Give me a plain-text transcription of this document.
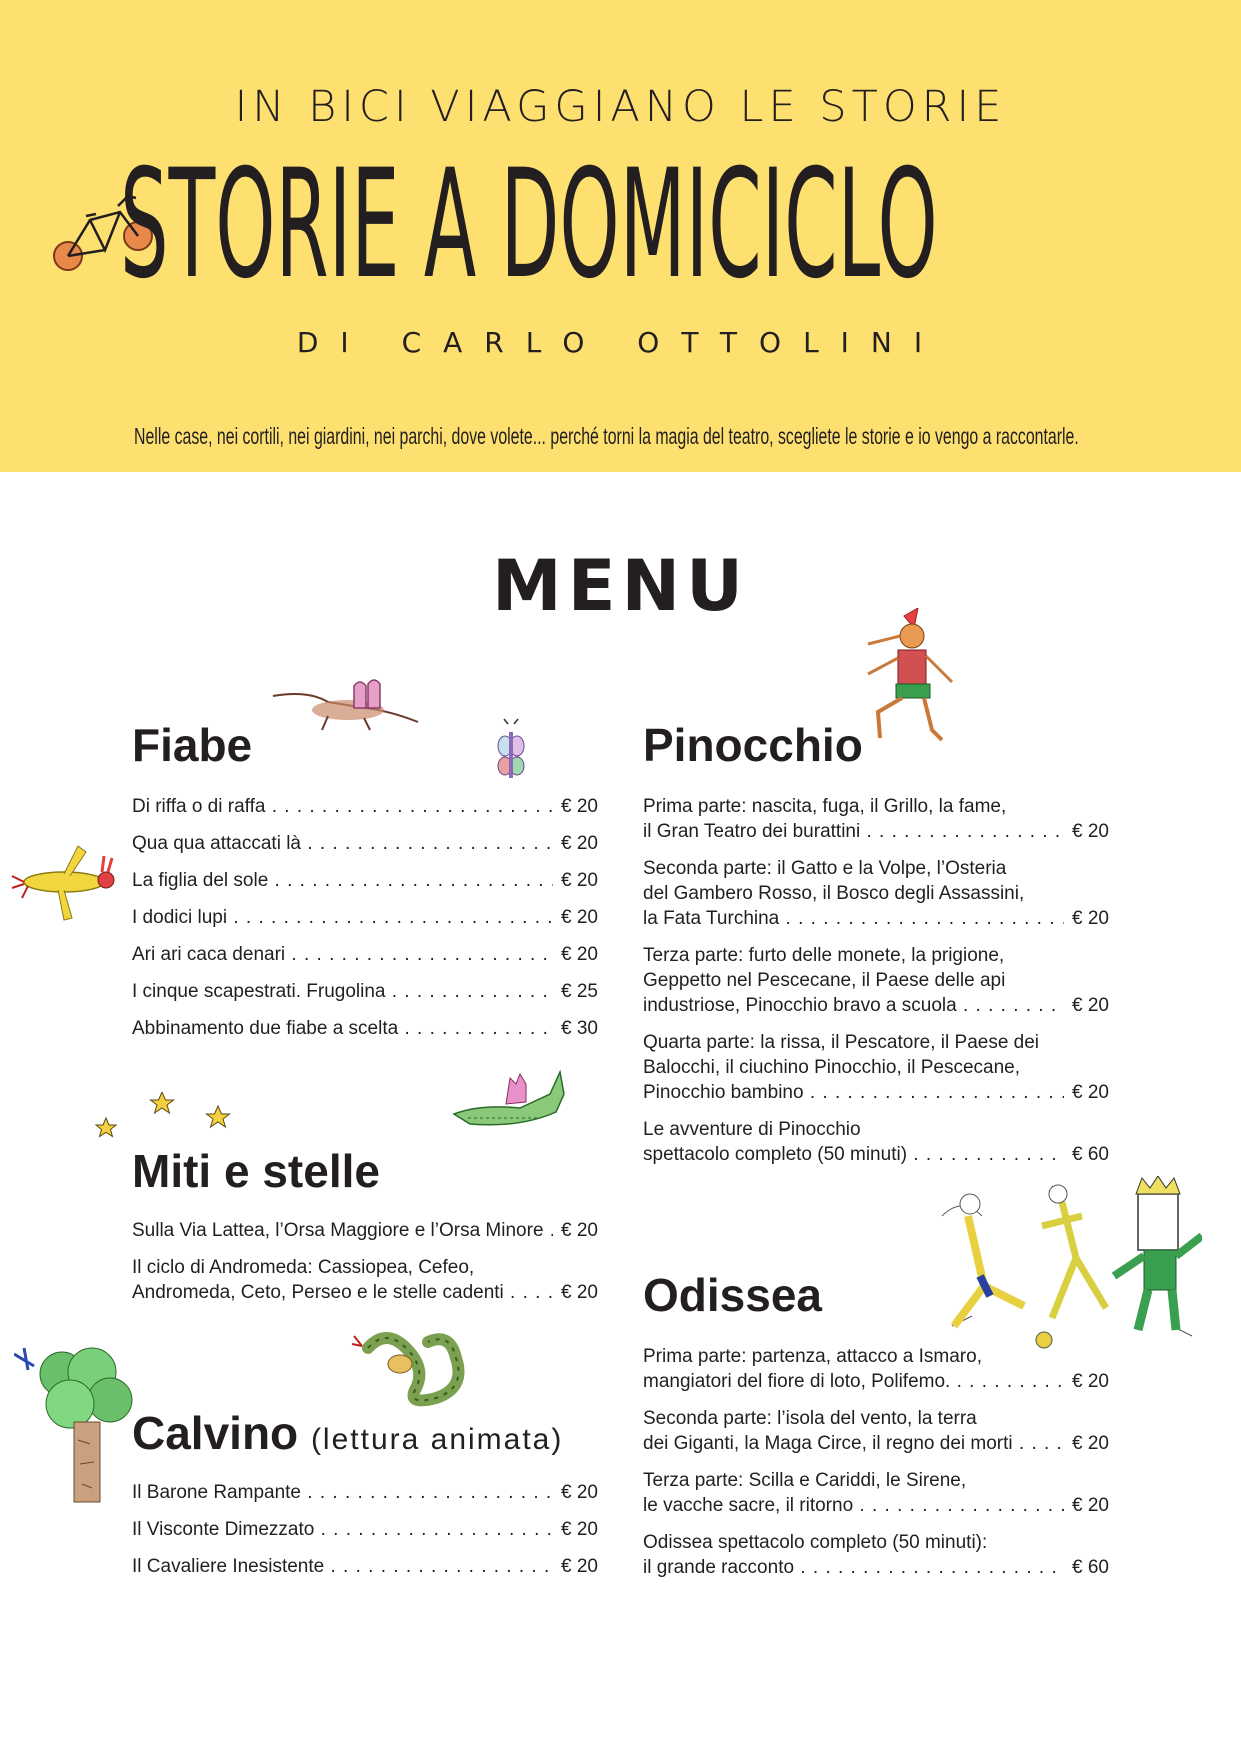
IN BICI VIAGGIANO LE STORIE
STORIE A DOMICICLO
DI CARLO OTTOLINI
Nelle case, nei cortili, nei giardini, nei parchi, dove volete... perché torni la magia del teatro, scegliete le storie e io vengo a raccontarle.
MENU
Fiabe
Di riffa o di raffa . . .	€ 20
Qua qua attaccati là . . .	€ 20
La figlia del sole . . .	€ 20
I dodici lupi . . .	€ 20
Ari ari caca denari . . .	€ 20
I cinque scapestrati. Frugolina . . .	€ 25
Abbinamento due fiabe a scelta . . .	€ 30
Miti e stelle
Sulla Via Lattea, l’Orsa Maggiore e l’Orsa Minore . . . € 20
Il ciclo di Andromeda: Cassiopea, Cefeo,
Andromeda, Ceto, Perseo e le stelle cadenti . . .	€ 20
Calvino (lettura animata)
Il Barone Rampante . . .	€ 20
Il Visconte Dimezzato . . .	€ 20
Il Cavaliere Inesistente . . .	€ 20
Pinocchio
Prima parte: nascita, fuga, il Grillo, la fame,
il Gran Teatro dei burattini . . .	€ 20
Seconda parte: il Gatto e la Volpe, l’Osteria
del Gambero Rosso, il Bosco degli Assassini,
la Fata Turchina . . .	€ 20
Terza parte: furto delle monete, la prigione,
Geppetto nel Pescecane, il Paese delle api
industriose, Pinocchio bravo a scuola . . .	€ 20
Quarta parte: la rissa, il Pescatore, il Paese dei
Balocchi, il ciuchino Pinocchio, il Pescecane,
Pinocchio bambino . . .	€ 20
Le avventure di Pinocchio
spettacolo completo (50 minuti) . . .	€ 60
Odissea
Prima parte: partenza, attacco a Ismaro,
mangiatori del fiore di loto, Polifemo. . . .	€ 20
Seconda parte: l’isola del vento, la terra
dei Giganti, la Maga Circe, il regno dei morti . . .	€ 20
Terza parte: Scilla e Cariddi, le Sirene,
le vacche sacre, il ritorno . . .	€ 20
Odissea spettacolo completo (50 minuti):
il grande racconto . . .	€ 60
